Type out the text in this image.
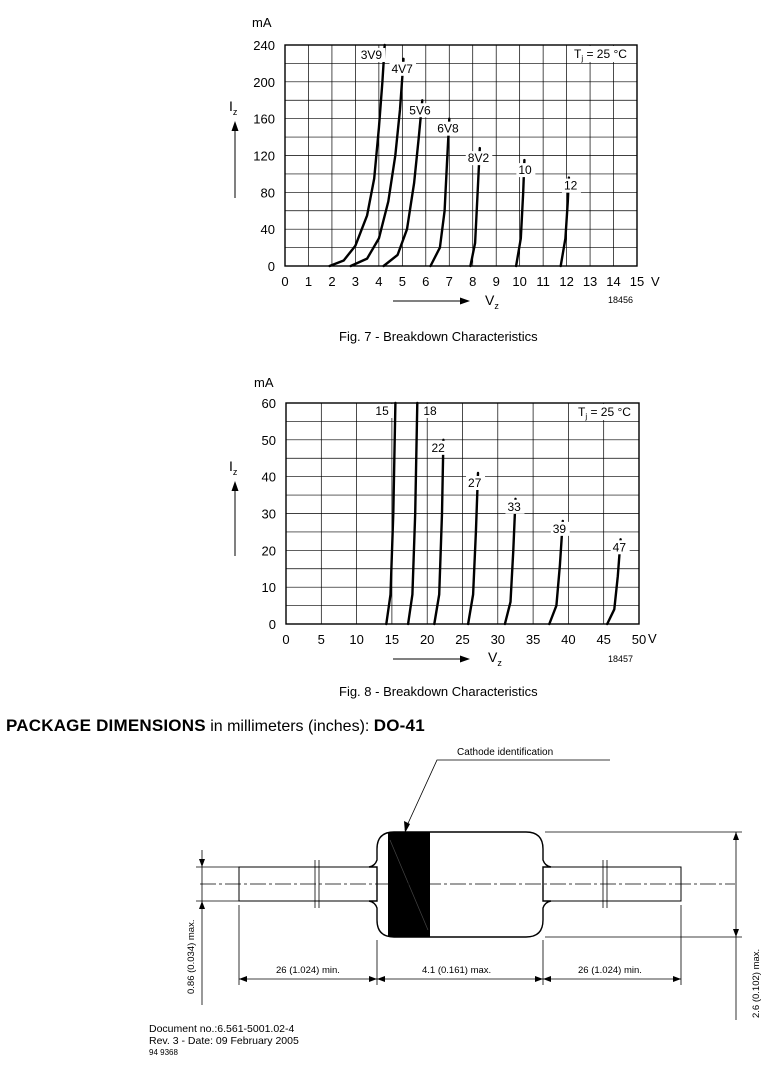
0 1 2 3 4 5 6 7 8 9 10 11 12 13 14 15
0
40
80
120
160
200
240
3V9
4V7
5V6
6V8
8V2
10
12
mA
$I_z$
$V_z$
V
18456
$T_j = 25$ °C
Fig. 7 - Breakdown Characteristics
0 5 10 15 20 25 30 35 40 45 50
0
10
20
30
40
50
60	15	18
22
27
33
39
47
mA
$I_z$
$V_z$
V
18457
$T_j = 25$ °C
Fig. 8 - Breakdown Characteristics
PACKAGE DIMENSIONS in millimeters (inches): DO-41
Cathode identification
0.86 (0.034) max.	2.6 (0.102) max.
26 (1.024) min.	4.1 (0.161) max.	26 (1.024) min.
Document no.:6.561-5001.02-4
Rev. 3 - Date: 09 February 2005
94 9368
